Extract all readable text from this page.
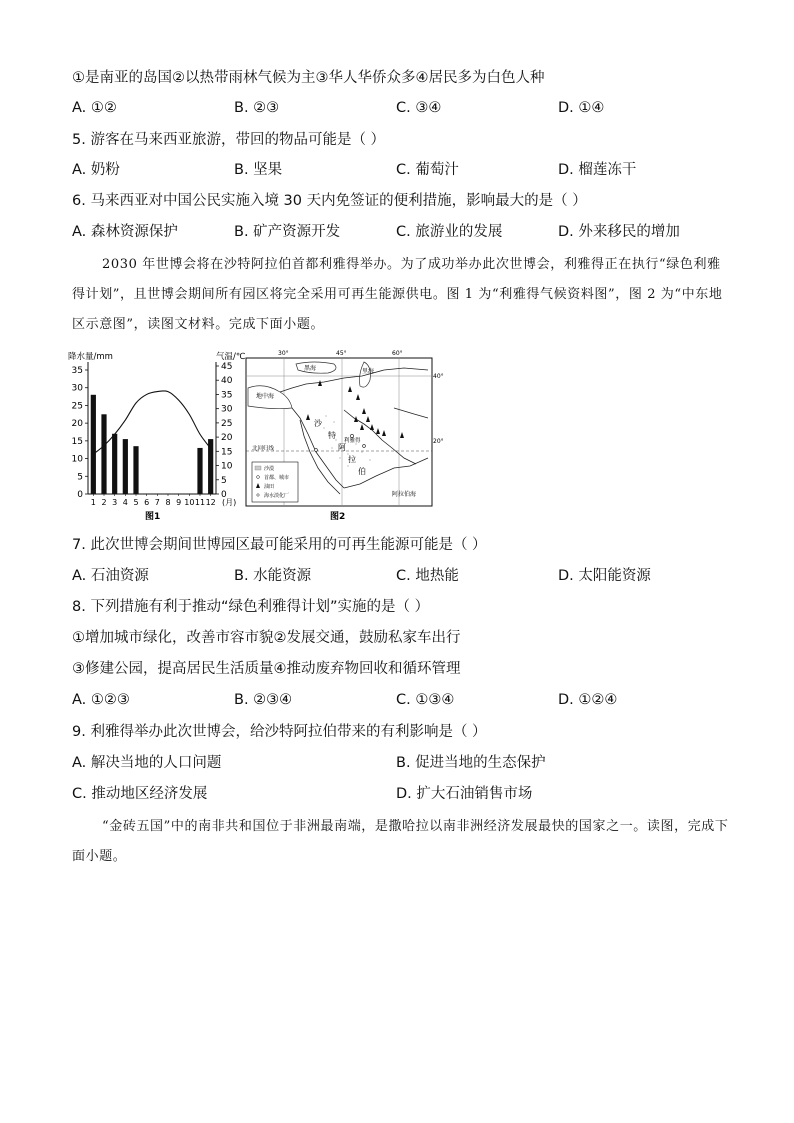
①是南亚的岛国②以热带雨林气候为主③华人华侨众多④居民多为白色人种
A. ①②	B. ②③	C. ③④	D. ①④
5. 游客在马来西亚旅游，带回的物品可能是（ ）
A. 奶粉	B. 坚果	C. 葡萄汁	D. 榴莲冻干
6. 马来西亚对中国公民实施入境 30 天内免签证的便利措施，影响最大的是（ ）
A. 森林资源保护	B. 矿产资源开发	C. 旅游业的发展	D. 外来移民的增加

2030 年世博会将在沙特阿拉伯首都利雅得举办。为了成功举办此次世博会，利雅得正在执行“绿色利雅得计划”，且世博会期间所有园区将完全采用可再生能源供电。图 1 为“利雅得气候资料图”，图 2 为“中东地区示意图”，读图文材料。完成下面小题。

降水量/mm	气温/℃
0
5
10
15
20
25
30
35
0
5
10
15
20
25
30
35
40
45
1 2 3 4 5 6 7 8 9 10 11 12 (月)
图1
30°	45°	60°
40°
20°
黑海	里海
地中海
阿拉伯海
沙
特
阿
拉
伯
利雅得
北回归线
沙漠
首都、城市
油田
海水淡化厂
图2
7. 此次世博会期间世博园区最可能采用的可再生能源可能是（ ）
A. 石油资源	B. 水能资源	C. 地热能	D. 太阳能资源
8. 下列措施有利于推动“绿色利雅得计划”实施的是（ ）
①增加城市绿化，改善市容市貌②发展交通，鼓励私家车出行
③修建公园，提高居民生活质量④推动废弃物回收和循环管理
A. ①②③	B. ②③④	C. ①③④	D. ①②④
9. 利雅得举办此次世博会，给沙特阿拉伯带来的有利影响是（ ）
A. 解决当地的人口问题	B. 促进当地的生态保护
C. 推动地区经济发展	D. 扩大石油销售市场

“金砖五国”中的南非共和国位于非洲最南端，是撒哈拉以南非洲经济发展最快的国家之一。读图，完成下面小题。
